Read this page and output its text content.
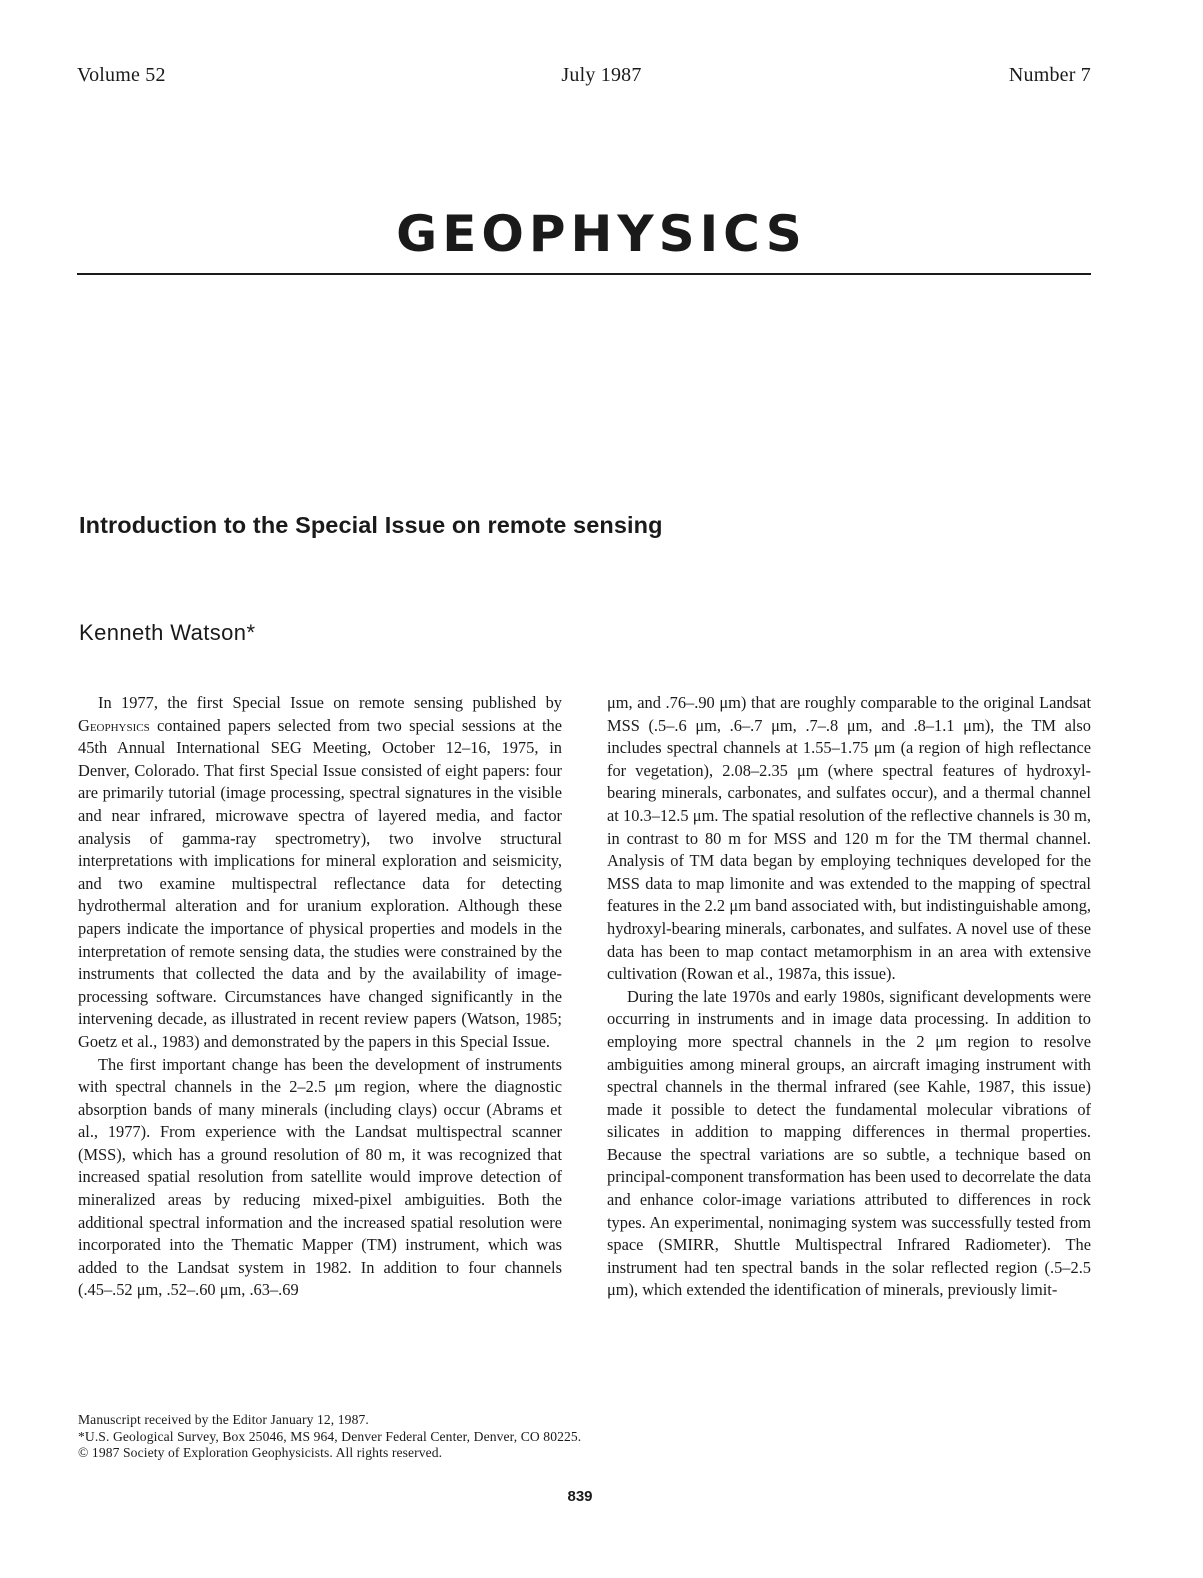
Volume 52	July 1987	Number 7
GEOPHYSICS
Introduction to the Special Issue on remote sensing
Kenneth Watson*

In 1977, the first Special Issue on remote sensing published by Geophysics contained papers selected from two special sessions at the 45th Annual International SEG Meeting, October 12–16, 1975, in Denver, Colorado. That first Special Issue consisted of eight papers: four are primarily tutorial (image processing, spectral signatures in the visible and near infrared, microwave spectra of layered media, and factor analysis of gamma-ray spectrometry), two involve structural interpretations with implications for mineral exploration and seismicity, and two examine multispectral reflectance data for detecting hydrothermal alteration and for uranium exploration. Although these papers indicate the importance of physical properties and models in the interpretation of remote sensing data, the studies were constrained by the instruments that collected the data and by the availability of image-processing software. Circumstances have changed significantly in the intervening decade, as illustrated in recent review papers (Watson, 1985; Goetz et al., 1983) and demonstrated by the papers in this Special Issue.

The first important change has been the development of instruments with spectral channels in the 2–2.5 μm region, where the diagnostic absorption bands of many minerals (including clays) occur (Abrams et al., 1977). From experience with the Landsat multispectral scanner (MSS), which has a ground resolution of 80 m, it was recognized that increased spatial resolution from satellite would improve detection of mineralized areas by reducing mixed-pixel ambiguities. Both the additional spectral information and the increased spatial resolution were incorporated into the Thematic Mapper (TM) instrument, which was added to the Landsat system in 1982. In addition to four channels (.45–.52 μm, .52–.60 μm, .63–.69

μm, and .76–.90 μm) that are roughly comparable to the original Landsat MSS (.5–.6 μm, .6–.7 μm, .7–.8 μm, and .8–1.1 μm), the TM also includes spectral channels at 1.55–1.75 μm (a region of high reflectance for vegetation), 2.08–2.35 μm (where spectral features of hydroxyl-bearing minerals, carbonates, and sulfates occur), and a thermal channel at 10.3–12.5 μm. The spatial resolution of the reflective channels is 30 m, in contrast to 80 m for MSS and 120 m for the TM thermal channel. Analysis of TM data began by employing techniques developed for the MSS data to map limonite and was extended to the mapping of spectral features in the 2.2 μm band associated with, but indistinguishable among, hydroxyl-bearing minerals, carbonates, and sulfates. A novel use of these data has been to map contact metamorphism in an area with extensive cultivation (Rowan et al., 1987a, this issue).

During the late 1970s and early 1980s, significant developments were occurring in instruments and in image data processing. In addition to employing more spectral channels in the 2 μm region to resolve ambiguities among mineral groups, an aircraft imaging instrument with spectral channels in the thermal infrared (see Kahle, 1987, this issue) made it possible to detect the fundamental molecular vibrations of silicates in addition to mapping differences in thermal properties. Because the spectral variations are so subtle, a technique based on principal-component transformation has been used to decorrelate the data and enhance color-image variations attributed to differences in rock types. An experimental, nonimaging system was successfully tested from space (SMIRR, Shuttle Multispectral Infrared Radiometer). The instrument had ten spectral bands in the solar reflected region (.5–2.5 μm), which extended the identification of minerals, previously limit-

Manuscript received by the Editor January 12, 1987.
*U.S. Geological Survey, Box 25046, MS 964, Denver Federal Center, Denver, CO 80225.
© 1987 Society of Exploration Geophysicists. All rights reserved.
839
